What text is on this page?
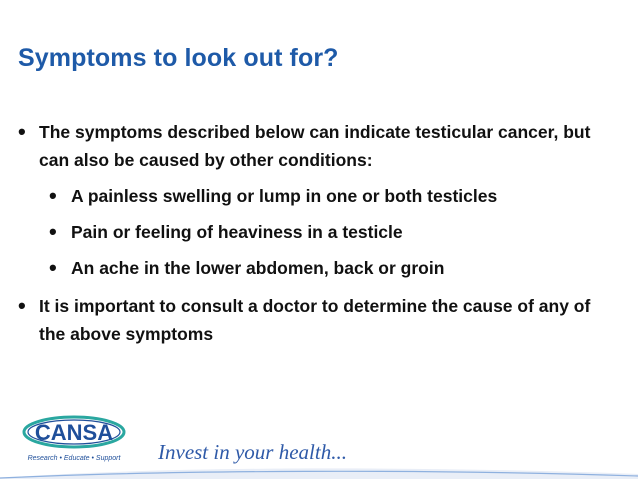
Symptoms to look out for?
• The symptoms described below can indicate testicular cancer, but can also be caused by other conditions:
• A painless swelling or lump in one or both testicles
• Pain or feeling of heaviness in a testicle
• An ache in the lower abdomen, back or groin
• It is important to consult a doctor to determine the cause of any of the above symptoms
CANSA
Research • Educate • Support Invest in your health...
